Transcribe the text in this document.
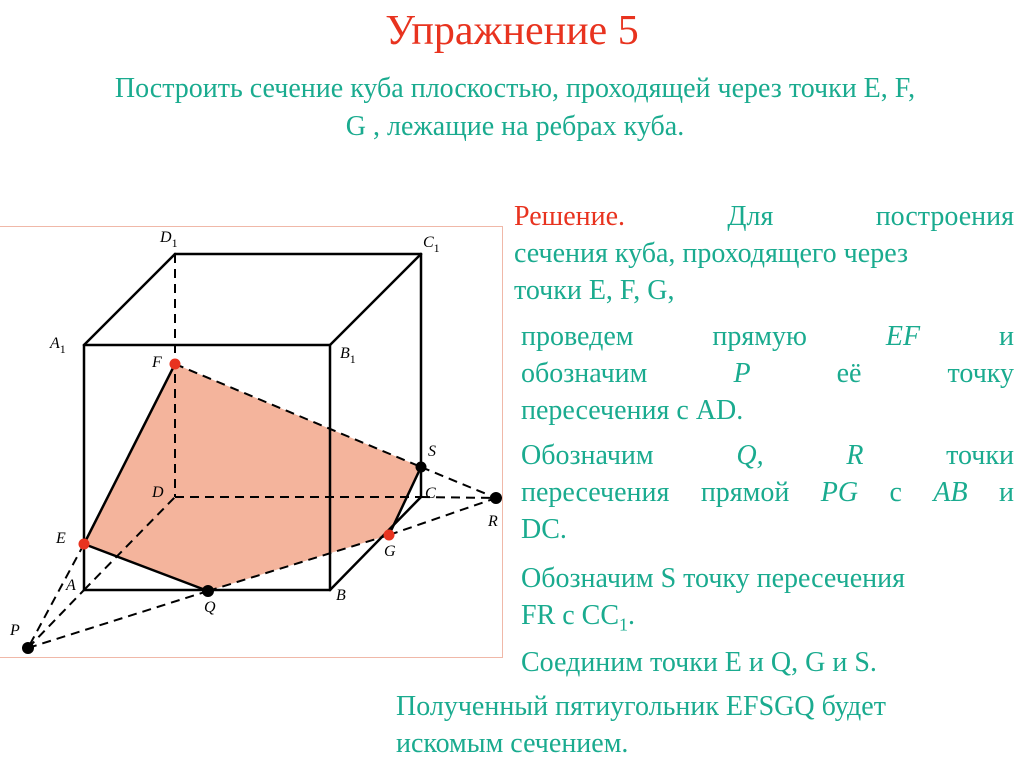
Упражнение 5
Построить сечение куба плоскостью, проходящей через точки E, F,
G , лежащие на ребрах куба.
$A_1$	$B_1$
$C_1$
$D_1$
A
B
C
D
E
F
G
S
P
Q
R
Решение.	Для	построения
сечения куба, проходящего через
точки E, F, G,
проведем	прямую	EF	и
обозначим	P	её	точку
пересечения с AD.
Обозначим	Q,	R	точки
пересечения прямой PG с AB и
DC.
Обозначим S точку пересечения
FR с $CC_1$.
Соединим точки E и Q, G и S.
Полученный пятиугольник EFSGQ будет
искомым сечением.
